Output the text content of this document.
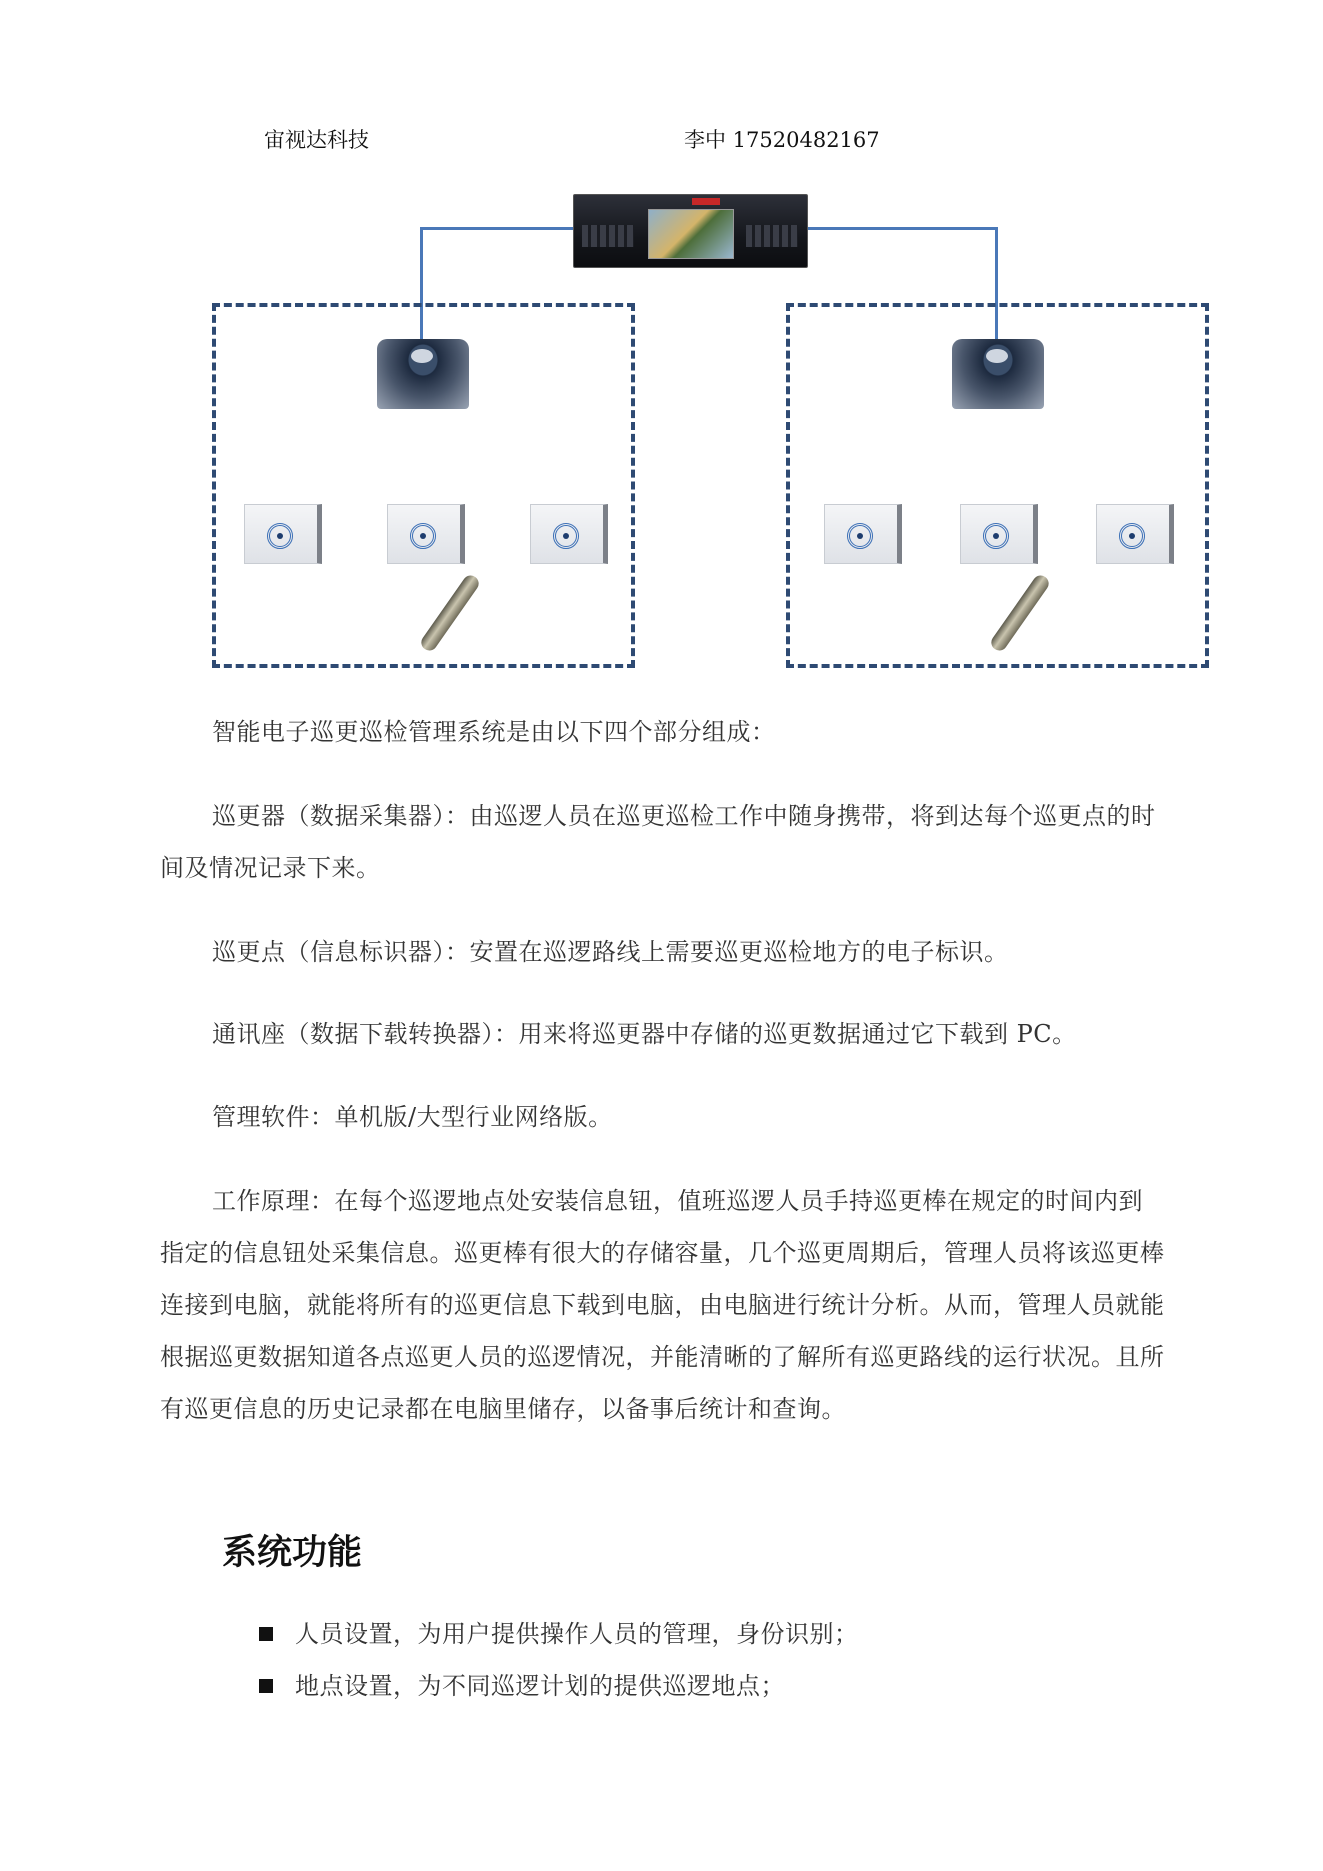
宙视达科技	李中 17520482167

智能电子巡更巡检管理系统是由以下四个部分组成：

巡更器（数据采集器）：由巡逻人员在巡更巡检工作中随身携带，将到达每个巡更点的时间及情况记录下来。

巡更点（信息标识器）：安置在巡逻路线上需要巡更巡检地方的电子标识。

通讯座（数据下载转换器）：用来将巡更器中存储的巡更数据通过它下载到 PC。

管理软件：单机版/大型行业网络版。

工作原理：在每个巡逻地点处安装信息钮，值班巡逻人员手持巡更棒在规定的时间内到指定的信息钮处采集信息。巡更棒有很大的存储容量，几个巡更周期后，管理人员将该巡更棒连接到电脑，就能将所有的巡更信息下载到电脑，由电脑进行统计分析。从而，管理人员就能根据巡更数据知道各点巡更人员的巡逻情况，并能清晰的了解所有巡更路线的运行状况。且所有巡更信息的历史记录都在电脑里储存，以备事后统计和查询。

系统功能
人员设置，为用户提供操作人员的管理，身份识别；
地点设置，为不同巡逻计划的提供巡逻地点；
